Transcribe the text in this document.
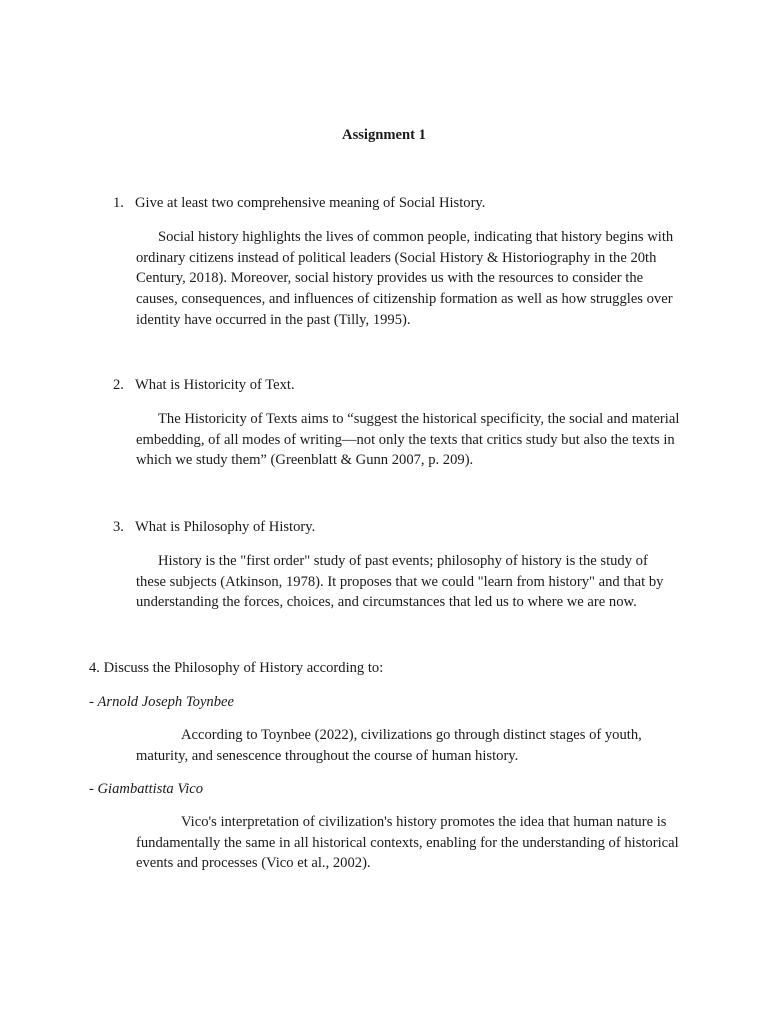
Assignment 1
1. Give at least two comprehensive meaning of Social History.

Social history highlights the lives of common people, indicating that history begins with ordinary citizens instead of political leaders (Social History & Historiography in the 20th Century, 2018). Moreover, social history provides us with the resources to consider the causes, consequences, and influences of citizenship formation as well as how struggles over identity have occurred in the past (Tilly, 1995).

2. What is Historicity of Text.

The Historicity of Texts aims to “suggest the historical specificity, the social and material embedding, of all modes of writing—not only the texts that critics study but also the texts in which we study them” (Greenblatt & Gunn 2007, p. 209).

3. What is Philosophy of History.

History is the "first order" study of past events; philosophy of history is the study of these subjects (Atkinson, 1978). It proposes that we could "learn from history" and that by understanding the forces, choices, and circumstances that led us to where we are now.

4. Discuss the Philosophy of History according to:
- Arnold Joseph Toynbee

According to Toynbee (2022), civilizations go through distinct stages of youth, maturity, and senescence throughout the course of human history.

- Giambattista Vico

Vico's interpretation of civilization's history promotes the idea that human nature is fundamentally the same in all historical contexts, enabling for the understanding of historical events and processes (Vico et al., 2002).
